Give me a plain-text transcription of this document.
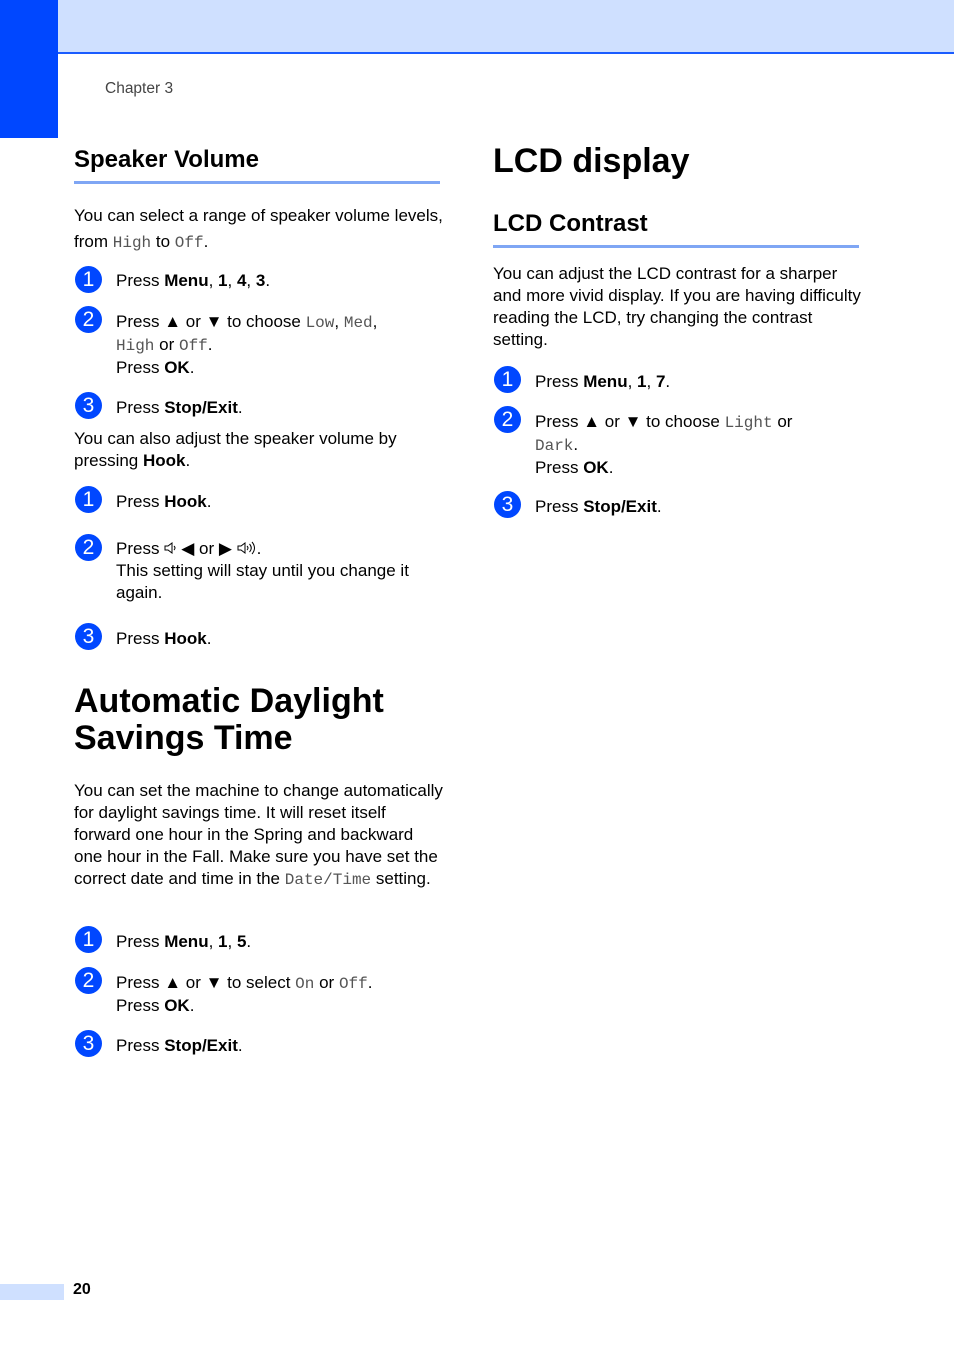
Chapter 3
Speaker Volume
You can select a range of speaker volume levels, from High to Off.
1	Press Menu, 1, 4, 3.
2	Press ▲ or ▼ to choose Low, Med,
High or Off.
Press OK.
3	Press Stop/Exit.
You can also adjust the speaker volume by pressing Hook.
1	Press Hook.
2	Press ◀ or ▶ .
This setting will stay until you change it again.
3	Press Hook.
Automatic Daylight
Savings Time
You can set the machine to change automatically for daylight savings time. It will reset itself forward one hour in the Spring and backward one hour in the Fall. Make sure you have set the correct date and time in the Date/Time setting.
1	Press Menu, 1, 5.
2	Press ▲ or ▼ to select On or Off.
Press OK.
3	Press Stop/Exit.
LCD display
LCD Contrast
You can adjust the LCD contrast for a sharper and more vivid display. If you are having difficulty reading the LCD, try changing the contrast setting.
1	Press Menu, 1, 7.
2	Press ▲ or ▼ to choose Light or
Dark.
Press OK.
3	Press Stop/Exit.
20
